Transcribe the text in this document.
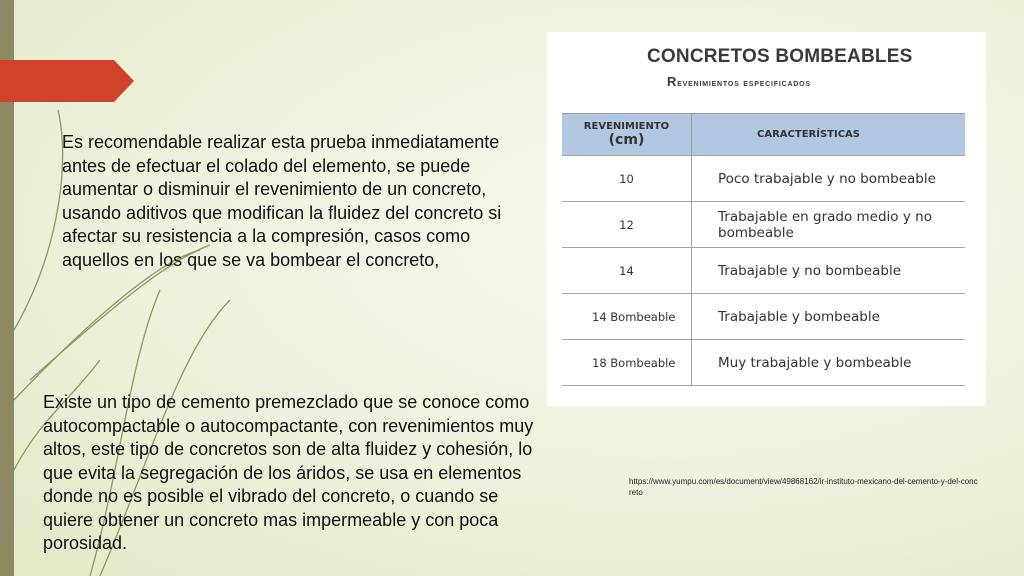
Es recomendable realizar esta prueba inmediatamente antes de efectuar el colado del elemento, se puede aumentar o disminuir el revenimiento de un concreto, usando aditivos que modifican la fluidez del concreto si afectar su resistencia a la compresión, casos como aquellos en los que se va bombear el concreto,

CONCRETOS BOMBEABLES

Revenimientos especificados

REVENIMIENTO
(cm)	CARACTERÍSTICAS
10	Poco trabajable y no bombeable
12	Trabajable en grado medio y no bombeable

14	Trabajable y no bombeable
14 Bombeable	Trabajable y bombeable
18 Bombeable	Muy trabajable y bombeable

Existe un tipo de cemento premezclado que se conoce como autocompactable o autocompactante, con revenimientos muy altos, este tipo de concretos son de alta fluidez y cohesión, lo que evita la segregación de los áridos, se usa en elementos donde no es posible el vibrado del concreto, o cuando se quiere obtener un concreto mas impermeable y con poca porosidad.

https://www.yumpu.com/es/document/view/49868162/ir-instituto-mexicano-del-cemento-y-del-concreto
